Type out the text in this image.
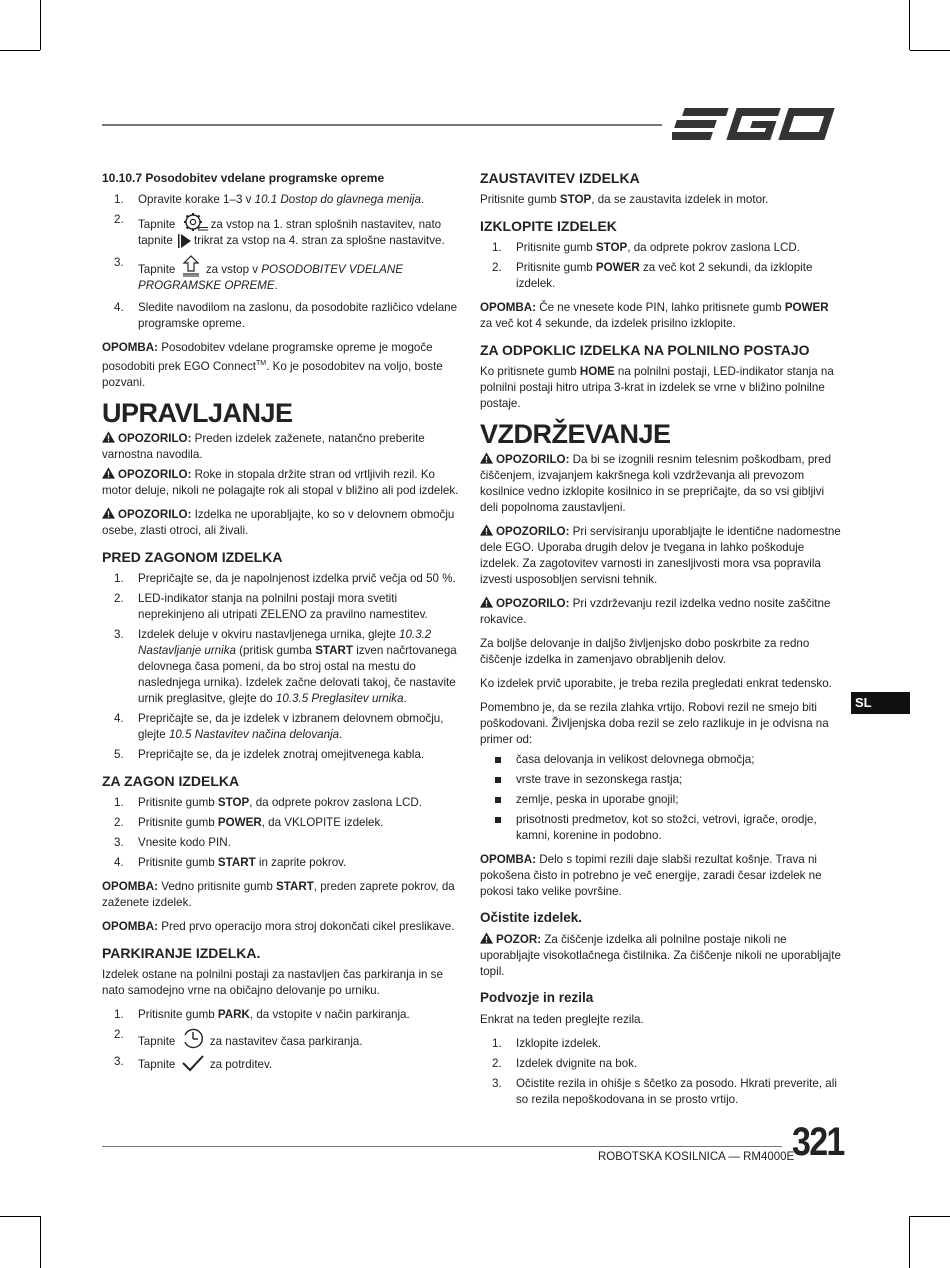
10.10.7 Posodobitev vdelane programske opreme
1. Opravite korake 1–3 v 10.1 Dostop do glavnega menija.
2. Tapnite	za vstop na 1. stran splošnih nastavitev, nato tapnite trikrat za vstop na 4. stran za splošne nastavitve.
3.
Tapnite  za vstop v POSODOBITEV VDELANE PROGRAMSKE OPREME.
4. Sledite navodilom na zaslonu, da posodobite različico vdelane programske opreme.

OPOMBA: Posodobitev vdelane programske opreme je mogoče posodobiti prek EGO Connect™. Ko je posodobitev na voljo, boste pozvani.

UPRAVLJANJE

OPOZORILO: Preden izdelek zaženete, natančno preberite varnostna navodila.

OPOZORILO: Roke in stopala držite stran od vrtljivih rezil. Ko motor deluje, nikoli ne polagajte rok ali stopal v bližino ali pod izdelek.

OPOZORILO: Izdelka ne uporabljajte, ko so v delovnem območju osebe, zlasti otroci, ali živali.

PRED ZAGONOM IZDELKA
1. Prepričajte se, da je napolnjenost izdelka prvič večja od 50 %.
2. LED-indikator stanja na polnilni postaji mora svetiti neprekinjeno ali utripati ZELENO za pravilno namestitev.
3. Izdelek deluje v okviru nastavljenega urnika, glejte 10.3.2 Nastavljanje urnika (pritisk gumba START izven načrtovanega delovnega časa pomeni, da bo stroj ostal na mestu do naslednjega urnika). Izdelek začne delovati takoj, če nastavite urnik preglasitve, glejte do 10.3.5 Preglasitev urnika.
4. Prepričajte se, da je izdelek v izbranem delovnem območju, glejte 10.5 Nastavitev načina delovanja.
5. Prepričajte se, da je izdelek znotraj omejitvenega kabla.
ZA ZAGON IZDELKA
1. Pritisnite gumb STOP, da odprete pokrov zaslona LCD.
2. Pritisnite gumb POWER, da VKLOPITE izdelek.
3. Vnesite kodo PIN.
4. Pritisnite gumb START in zaprite pokrov.

OPOMBA: Vedno pritisnite gumb START, preden zaprete pokrov, da zaženete izdelek.

OPOMBA: Pred prvo operacijo mora stroj dokončati cikel preslikave.

PARKIRANJE IZDELKA.

Izdelek ostane na polnilni postaji za nastavljen čas parkiranja in se nato samodejno vrne na običajno delovanje po urniku.

1. Pritisnite gumb PARK, da vstopite v način parkiranja.
2.
Tapnite	za nastavitev časa parkiranja.
3. Tapnite	za potrditev.
ZAUSTAVITEV IZDELKA

Pritisnite gumb STOP, da se zaustavita izdelek in motor.

IZKLOPITE IZDELEK
1. Pritisnite gumb STOP, da odprete pokrov zaslona LCD.
2. Pritisnite gumb POWER za več kot 2 sekundi, da izklopite izdelek.

OPOMBA: Če ne vnesete kode PIN, lahko pritisnete gumb POWER za več kot 4 sekunde, da izdelek prisilno izklopite.

ZA ODPOKLIC IZDELKA NA POLNILNO POSTAJO

Ko pritisnete gumb HOME na polnilni postaji, LED-indikator stanja na polnilni postaji hitro utripa 3-krat in izdelek se vrne v bližino polnilne postaje.

VZDRŽEVANJE

OPOZORILO: Da bi se izognili resnim telesnim poškodbam, pred čiščenjem, izvajanjem kakršnega koli vzdrževanja ali prevozom kosilnice vedno izklopite kosilnico in se prepričajte, da so vsi gibljivi deli popolnoma zaustavljeni.

OPOZORILO: Pri servisiranju uporabljajte le identične nadomestne dele EGO. Uporaba drugih delov je tvegana in lahko poškoduje izdelek. Za zagotovitev varnosti in zanesljivosti mora vsa popravila izvesti usposobljen servisni tehnik.

OPOZORILO: Pri vzdrževanju rezil izdelka vedno nosite zaščitne rokavice.

Za boljše delovanje in daljšo življenjsko dobo poskrbite za redno čiščenje izdelka in zamenjavo obrabljenih delov.

Ko izdelek prvič uporabite, je treba rezila pregledati enkrat tedensko.

Pomembno je, da se rezila zlahka vrtijo. Robovi rezil ne smejo biti poškodovani. Življenjska doba rezil se zelo razlikuje in je odvisna na primer od:

časa delovanja in velikost delovnega območja;
vrste trave in sezonskega rastja;
zemlje, peska in uporabe gnojil;
prisotnosti predmetov, kot so stožci, vetrovi, igrače, orodje, kamni, korenine in podobno.

OPOMBA: Delo s topimi rezili daje slabši rezultat košnje. Trava ni pokošena čisto in potrebno je več energije, zaradi česar izdelek ne pokosi tako velike površine.

Očistite izdelek.

POZOR: Za čiščenje izdelka ali polnilne postaje nikoli ne uporabljajte visokotlačnega čistilnika. Za čiščenje nikoli ne uporabljajte topil.

Podvozje in rezila

Enkrat na teden preglejte rezila.

1. Izklopite izdelek.
2. Izdelek dvignite na bok.
3. Očistite rezila in ohišje s ščetko za posodo. Hkrati preverite, ali so rezila nepoškodovana in se prosto vrtijo.
SL
ROBOTSKA KOSILNICA — RM4000E
321
